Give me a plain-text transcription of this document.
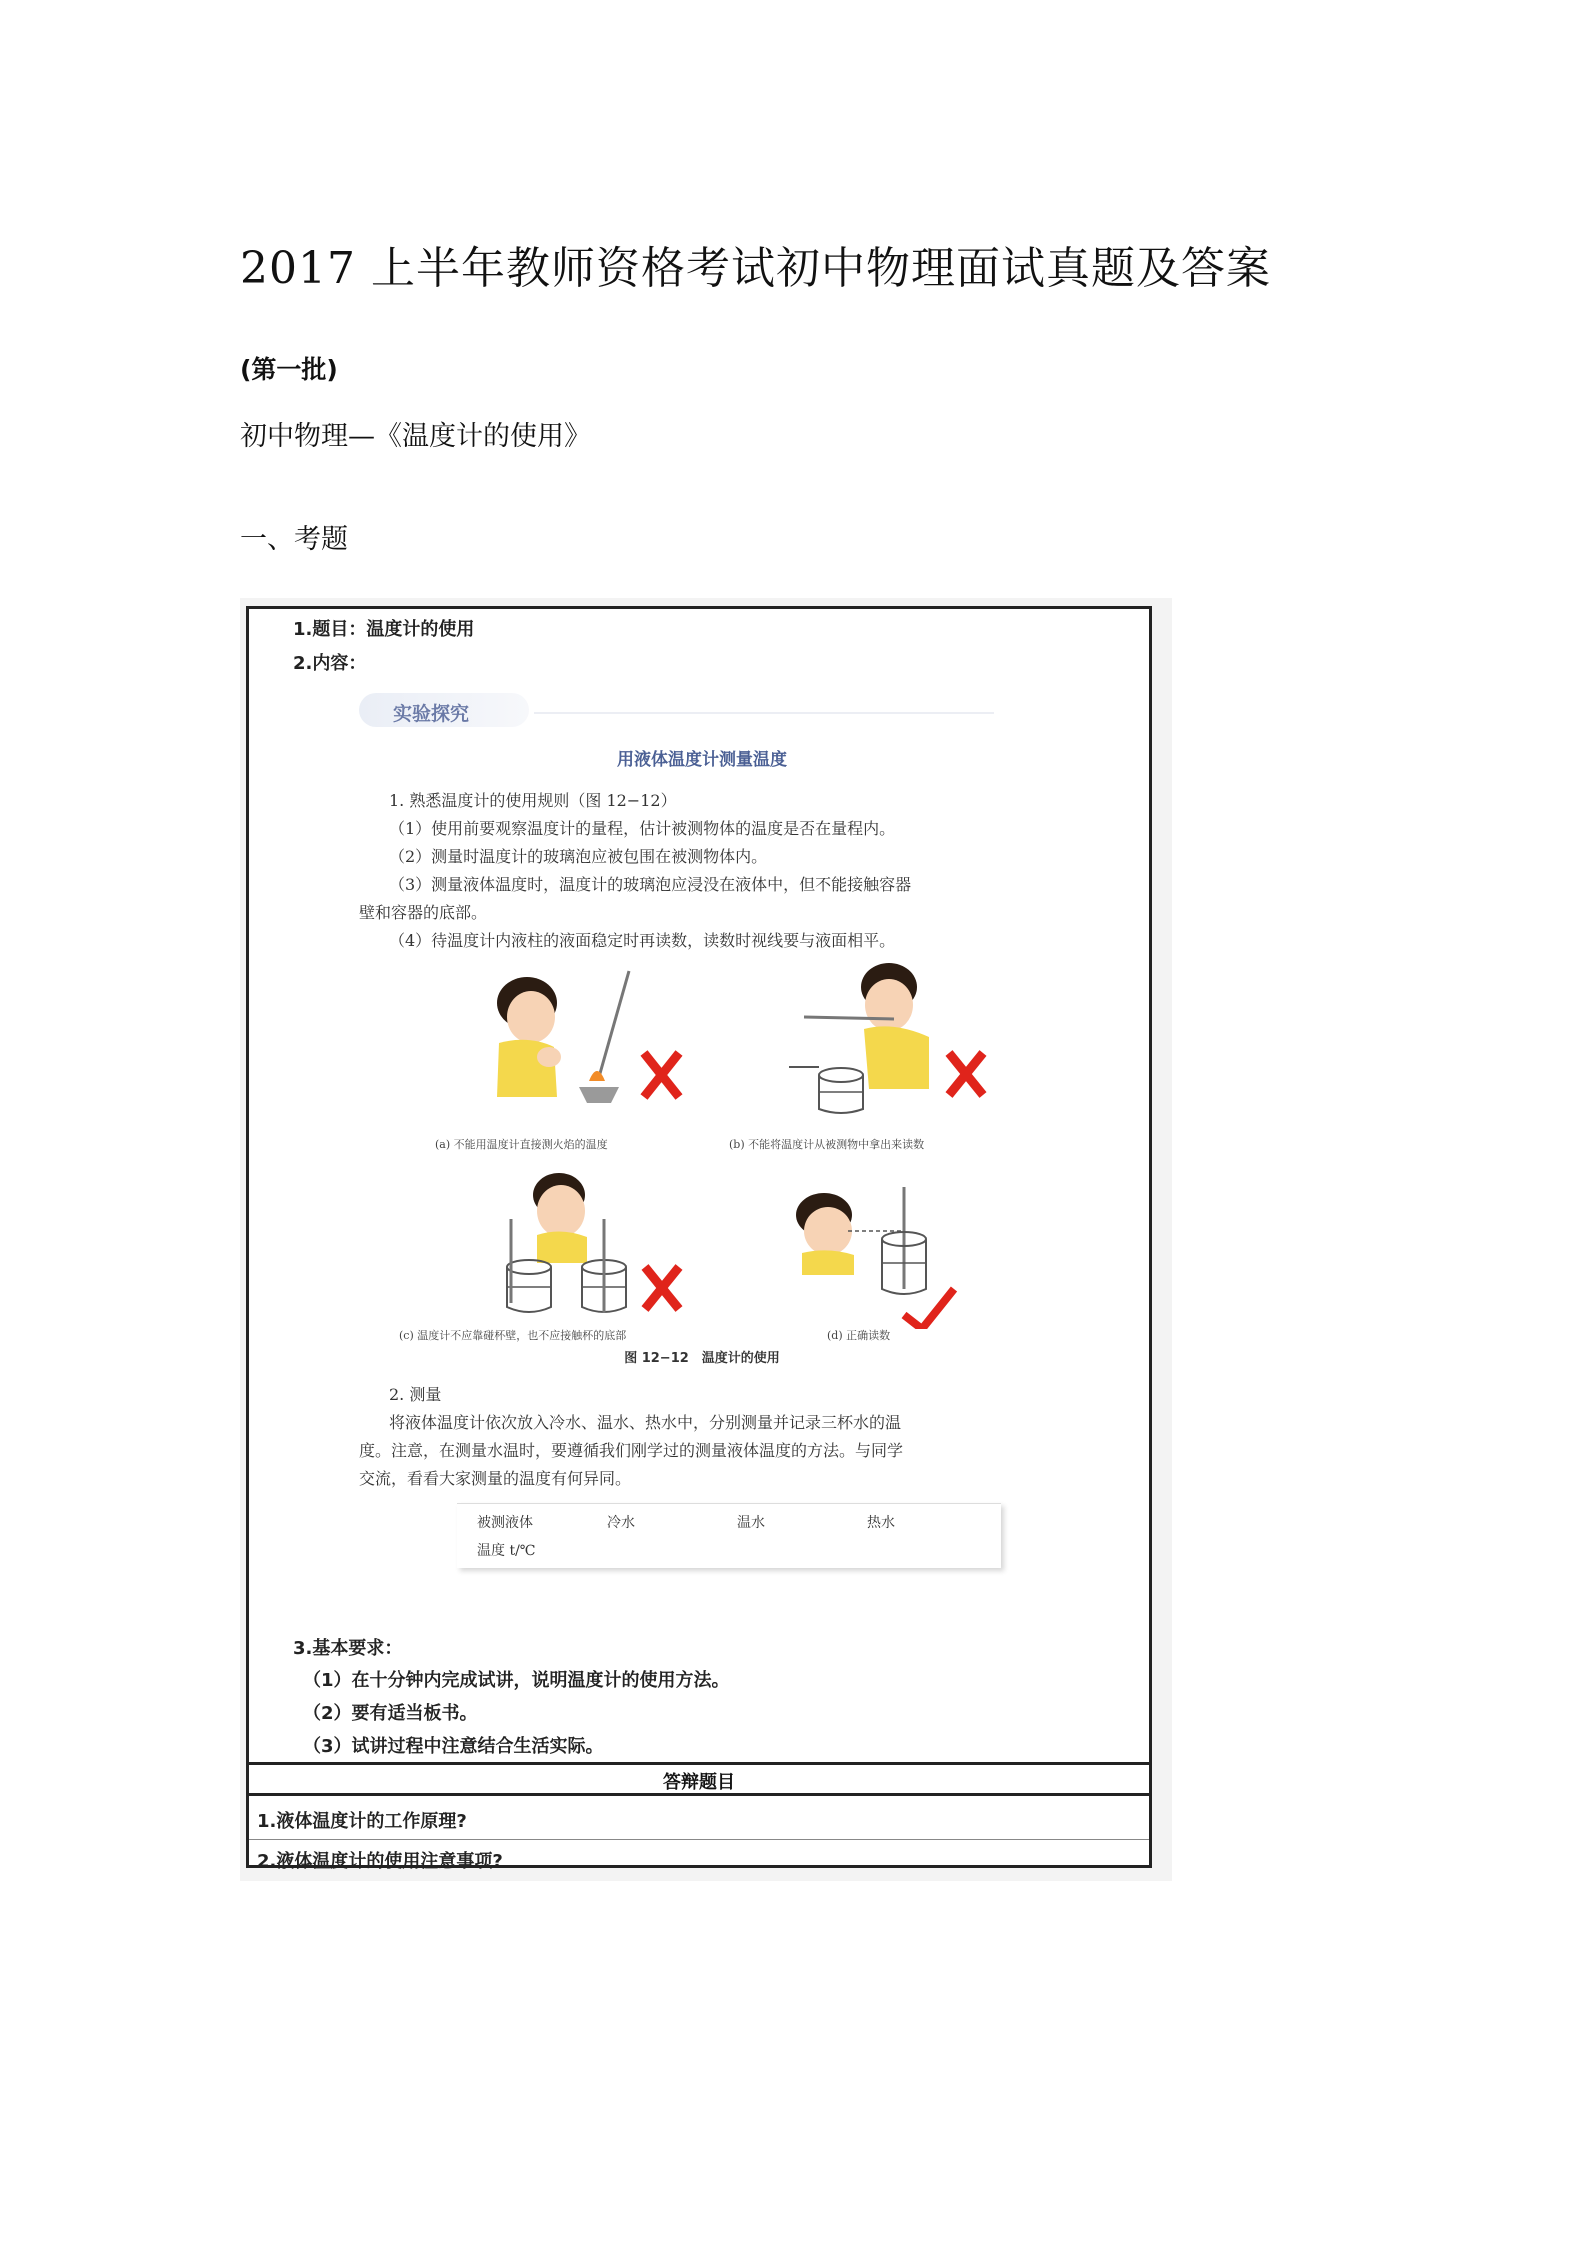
2017 上半年教师资格考试初中物理面试真题及答案
(第一批)
初中物理—《温度计的使用》
一、考题
1.题目：温度计的使用
2.内容：
实验探究
用液体温度计测量温度
1. 熟悉温度计的使用规则（图 12−12）
（1）使用前要观察温度计的量程，估计被测物体的温度是否在量程内。
（2）测量时温度计的玻璃泡应被包围在被测物体内。
（3）测量液体温度时，温度计的玻璃泡应浸没在液体中，但不能接触容器
壁和容器的底部。
（4）待温度计内液柱的液面稳定时再读数，读数时视线要与液面相平。
(a) 不能用温度计直接测火焰的温度	(b) 不能将温度计从被测物中拿出来读数
(c) 温度计不应靠碰杯壁，也不应接触杯的底部	(d) 正确读数
图 12−12　温度计的使用
2. 测量
将液体温度计依次放入冷水、温水、热水中，分别测量并记录三杯水的温
度。注意，在测量水温时，要遵循我们刚学过的测量液体温度的方法。与同学
交流，看看大家测量的温度有何异同。
被测液体	冷水	温水	热水
温度 t/℃
3.基本要求：
（1）在十分钟内完成试讲，说明温度计的使用方法。
（2）要有适当板书。
（3）试讲过程中注意结合生活实际。
答辩题目
1.液体温度计的工作原理?
2.液体温度计的使用注意事项?
